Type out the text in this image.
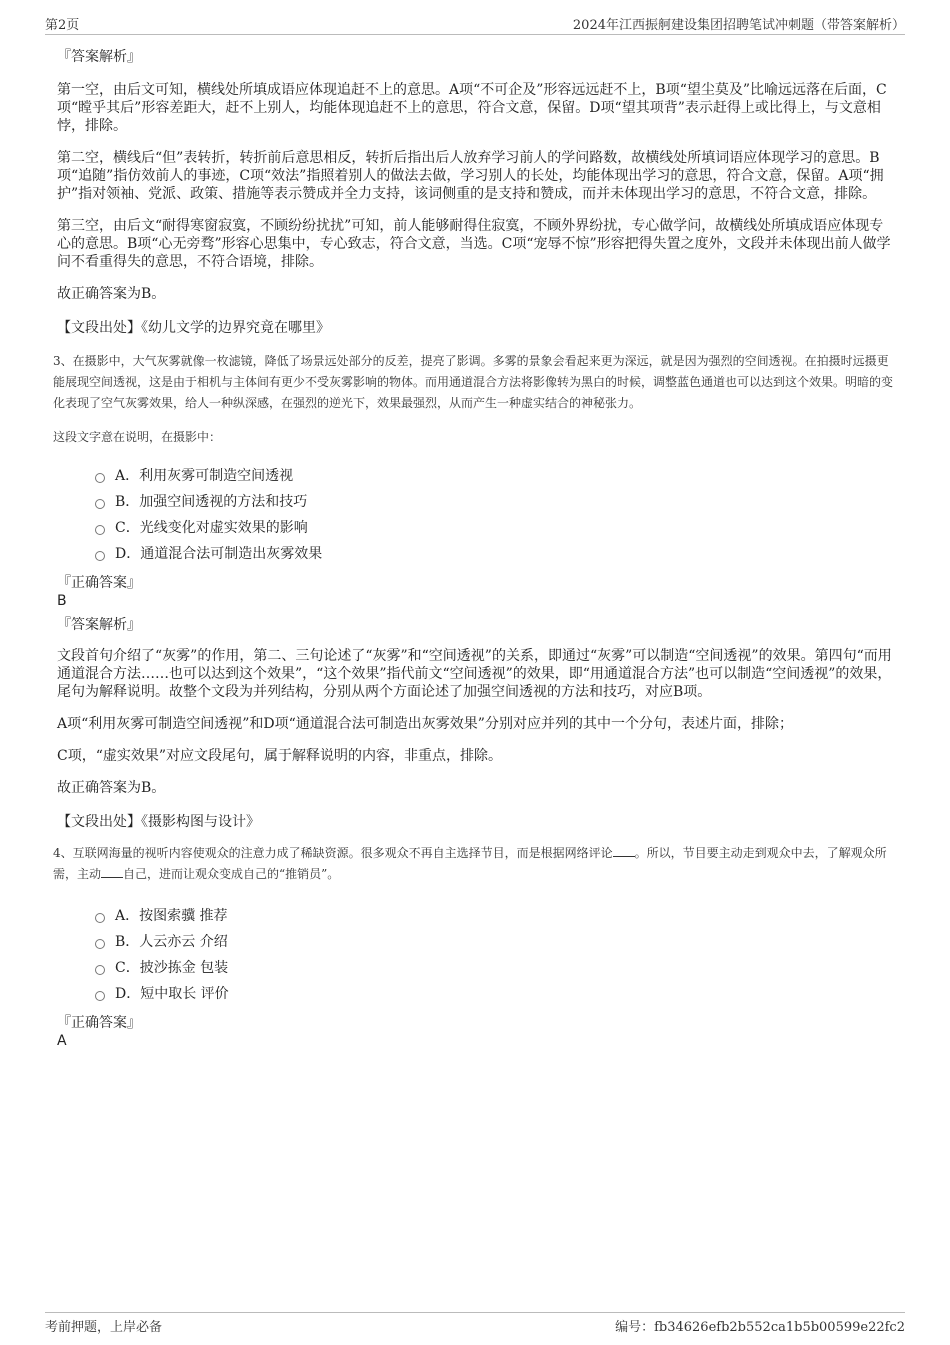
第2页	2024年江西振舸建设集团招聘笔试冲刺题（带答案解析）

『答案解析』

第一空，由后文可知，横线处所填成语应体现追赶不上的意思。A项“不可企及”形容远远赶不上，B项“望尘莫及”比喻远远落在后面，C项“瞠乎其后”形容差距大，赶不上别人，均能体现追赶不上的意思，符合文意，保留。D项“望其项背”表示赶得上或比得上，与文意相悖，排除。

第二空，横线后“但”表转折，转折前后意思相反，转折后指出后人放弃学习前人的学问路数，故横线处所填词语应体现学习的意思。B项“追随”指仿效前人的事迹，C项“效法”指照着别人的做法去做，学习别人的长处，均能体现出学习的意思，符合文意，保留。A项“拥护”指对领袖、党派、政策、措施等表示赞成并全力支持，该词侧重的是支持和赞成，而并未体现出学习的意思，不符合文意，排除。

第三空，由后文“耐得寒窗寂寞，不顾纷纷扰扰”可知，前人能够耐得住寂寞，不顾外界纷扰，专心做学问，故横线处所填成语应体现专心的意思。B项“心无旁骛”形容心思集中，专心致志，符合文意，当选。C项“宠辱不惊”形容把得失置之度外，文段并未体现出前人做学问不看重得失的意思，不符合语境，排除。

故正确答案为B。

【文段出处】《幼儿文学的边界究竟在哪里》

3、在摄影中，大气灰雾就像一枚滤镜，降低了场景远处部分的反差，提亮了影调。多雾的景象会看起来更为深远，就是因为强烈的空间透视。在拍摄时远摄更能展现空间透视，这是由于相机与主体间有更少不受灰雾影响的物体。而用通道混合方法将影像转为黑白的时候，调整蓝色通道也可以达到这个效果。明暗的变化表现了空气灰雾效果，给人一种纵深感，在强烈的逆光下，效果最强烈，从而产生一种虚实结合的神秘张力。

这段文字意在说明，在摄影中：

A．利用灰雾可制造空间透视
B．加强空间透视的方法和技巧
C．光线变化对虚实效果的影响
D．通道混合法可制造出灰雾效果

『正确答案』

B

『答案解析』

文段首句介绍了“灰雾”的作用，第二、三句论述了“灰雾”和“空间透视”的关系，即通过“灰雾”可以制造“空间透视”的效果。第四句“而用通道混合方法……也可以达到这个效果”，“这个效果”指代前文“空间透视”的效果，即“用通道混合方法”也可以制造“空间透视”的效果，尾句为解释说明。故整个文段为并列结构，分别从两个方面论述了加强空间透视的方法和技巧，对应B项。

A项“利用灰雾可制造空间透视”和D项“通道混合法可制造出灰雾效果”分别对应并列的其中一个分句，表述片面，排除；

C项，“虚实效果”对应文段尾句，属于解释说明的内容，非重点，排除。

故正确答案为B。

【文段出处】《摄影构图与设计》

4、互联网海量的视听内容使观众的注意力成了稀缺资源。很多观众不再自主选择节目，而是根据网络评论 。所以，节目要主动走到观众中去，了解观众所需，主动 自己，进而让观众变成自己的“推销员”。

A．按图索骥 推荐
B．人云亦云 介绍
C．披沙拣金 包装
D．短中取长 评价

『正确答案』

A

考前押题，上岸必备	编号：fb34626efb2b552ca1b5b00599e22fc2
